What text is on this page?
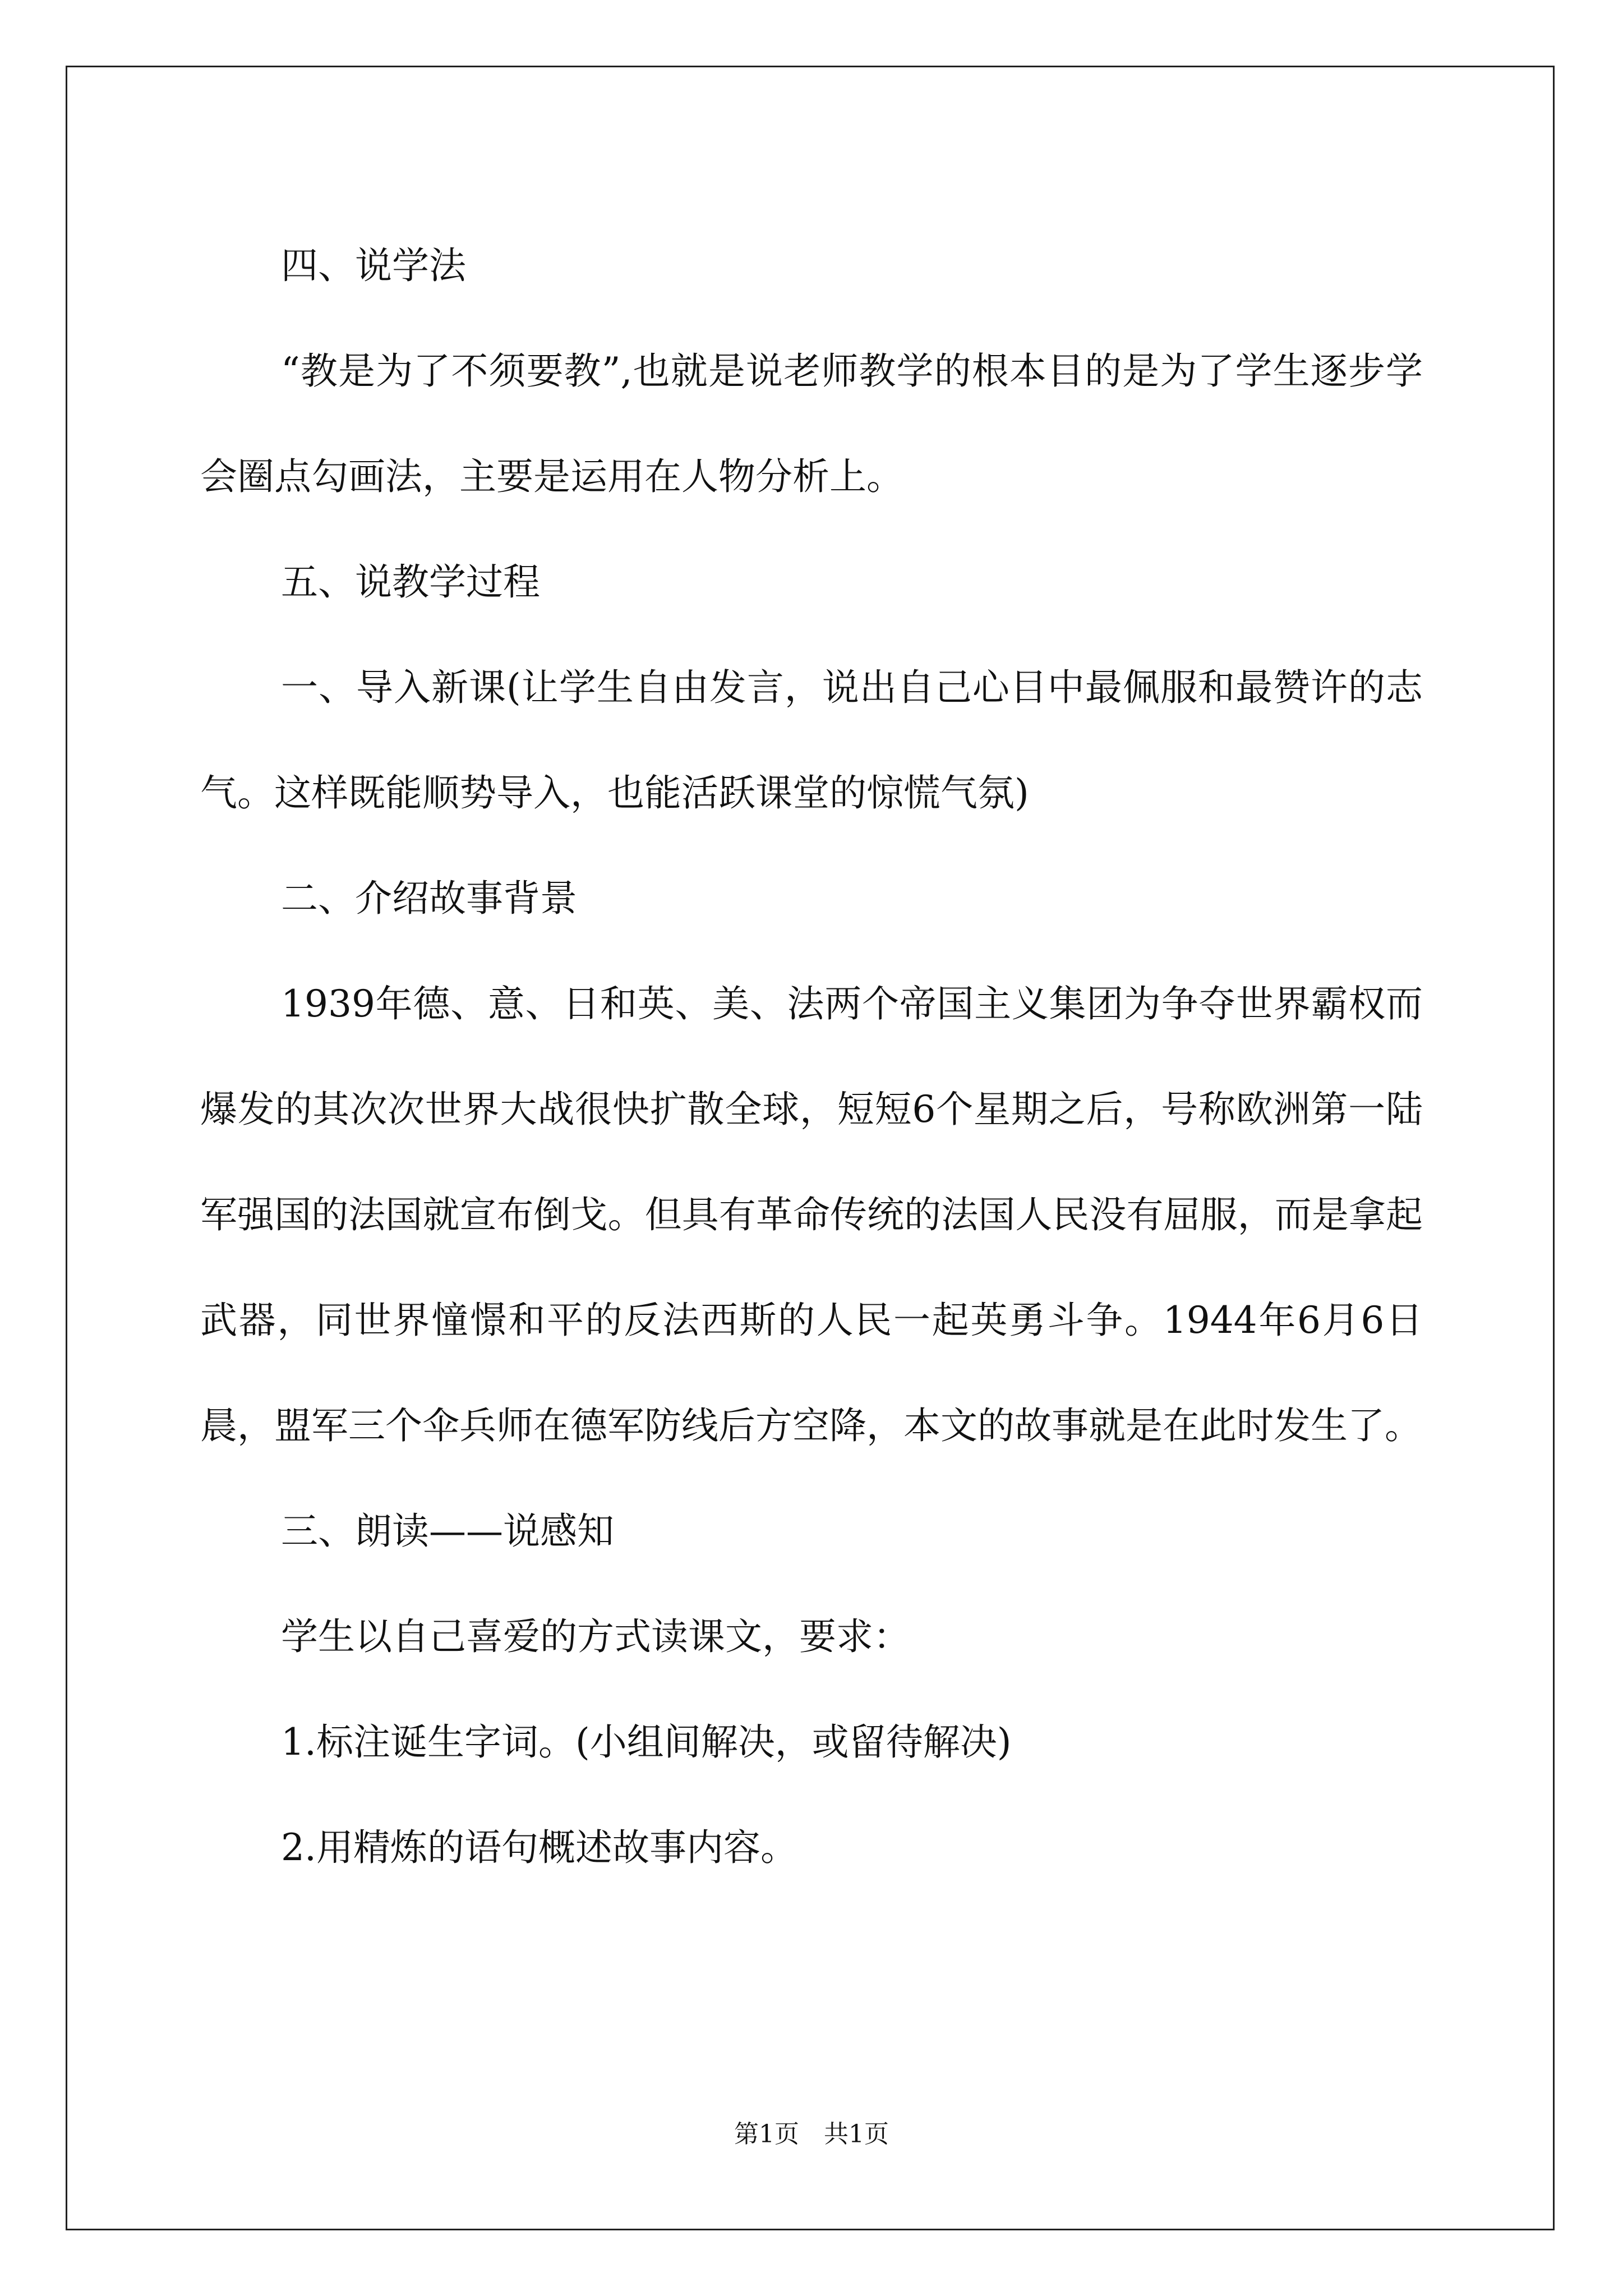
四、说学法

“教是为了不须要教”,也就是说老师教学的根本目的是为了学生逐步学会圈点勾画法，主要是运用在人物分析上。

五、说教学过程

一、导入新课(让学生自由发言，说出自己心目中最佩服和最赞许的志气。这样既能顺势导入，也能活跃课堂的惊慌气氛)

二、介绍故事背景

1939年德、意、日和英、美、法两个帝国主义集团为争夺世界霸权而爆发的其次次世界大战很快扩散全球，短短6个星期之后，号称欧洲第一陆军强国的法国就宣布倒戈。但具有革命传统的法国人民没有屈服，而是拿起武器，同世界憧憬和平的反法西斯的人民一起英勇斗争。1944年6月6日晨，盟军三个伞兵师在德军防线后方空降，本文的故事就是在此时发生了。

三、朗读——说感知

学生以自己喜爱的方式读课文，要求：

1.标注诞生字词。(小组间解决，或留待解决)

2.用精炼的语句概述故事内容。

第1页　共1页
